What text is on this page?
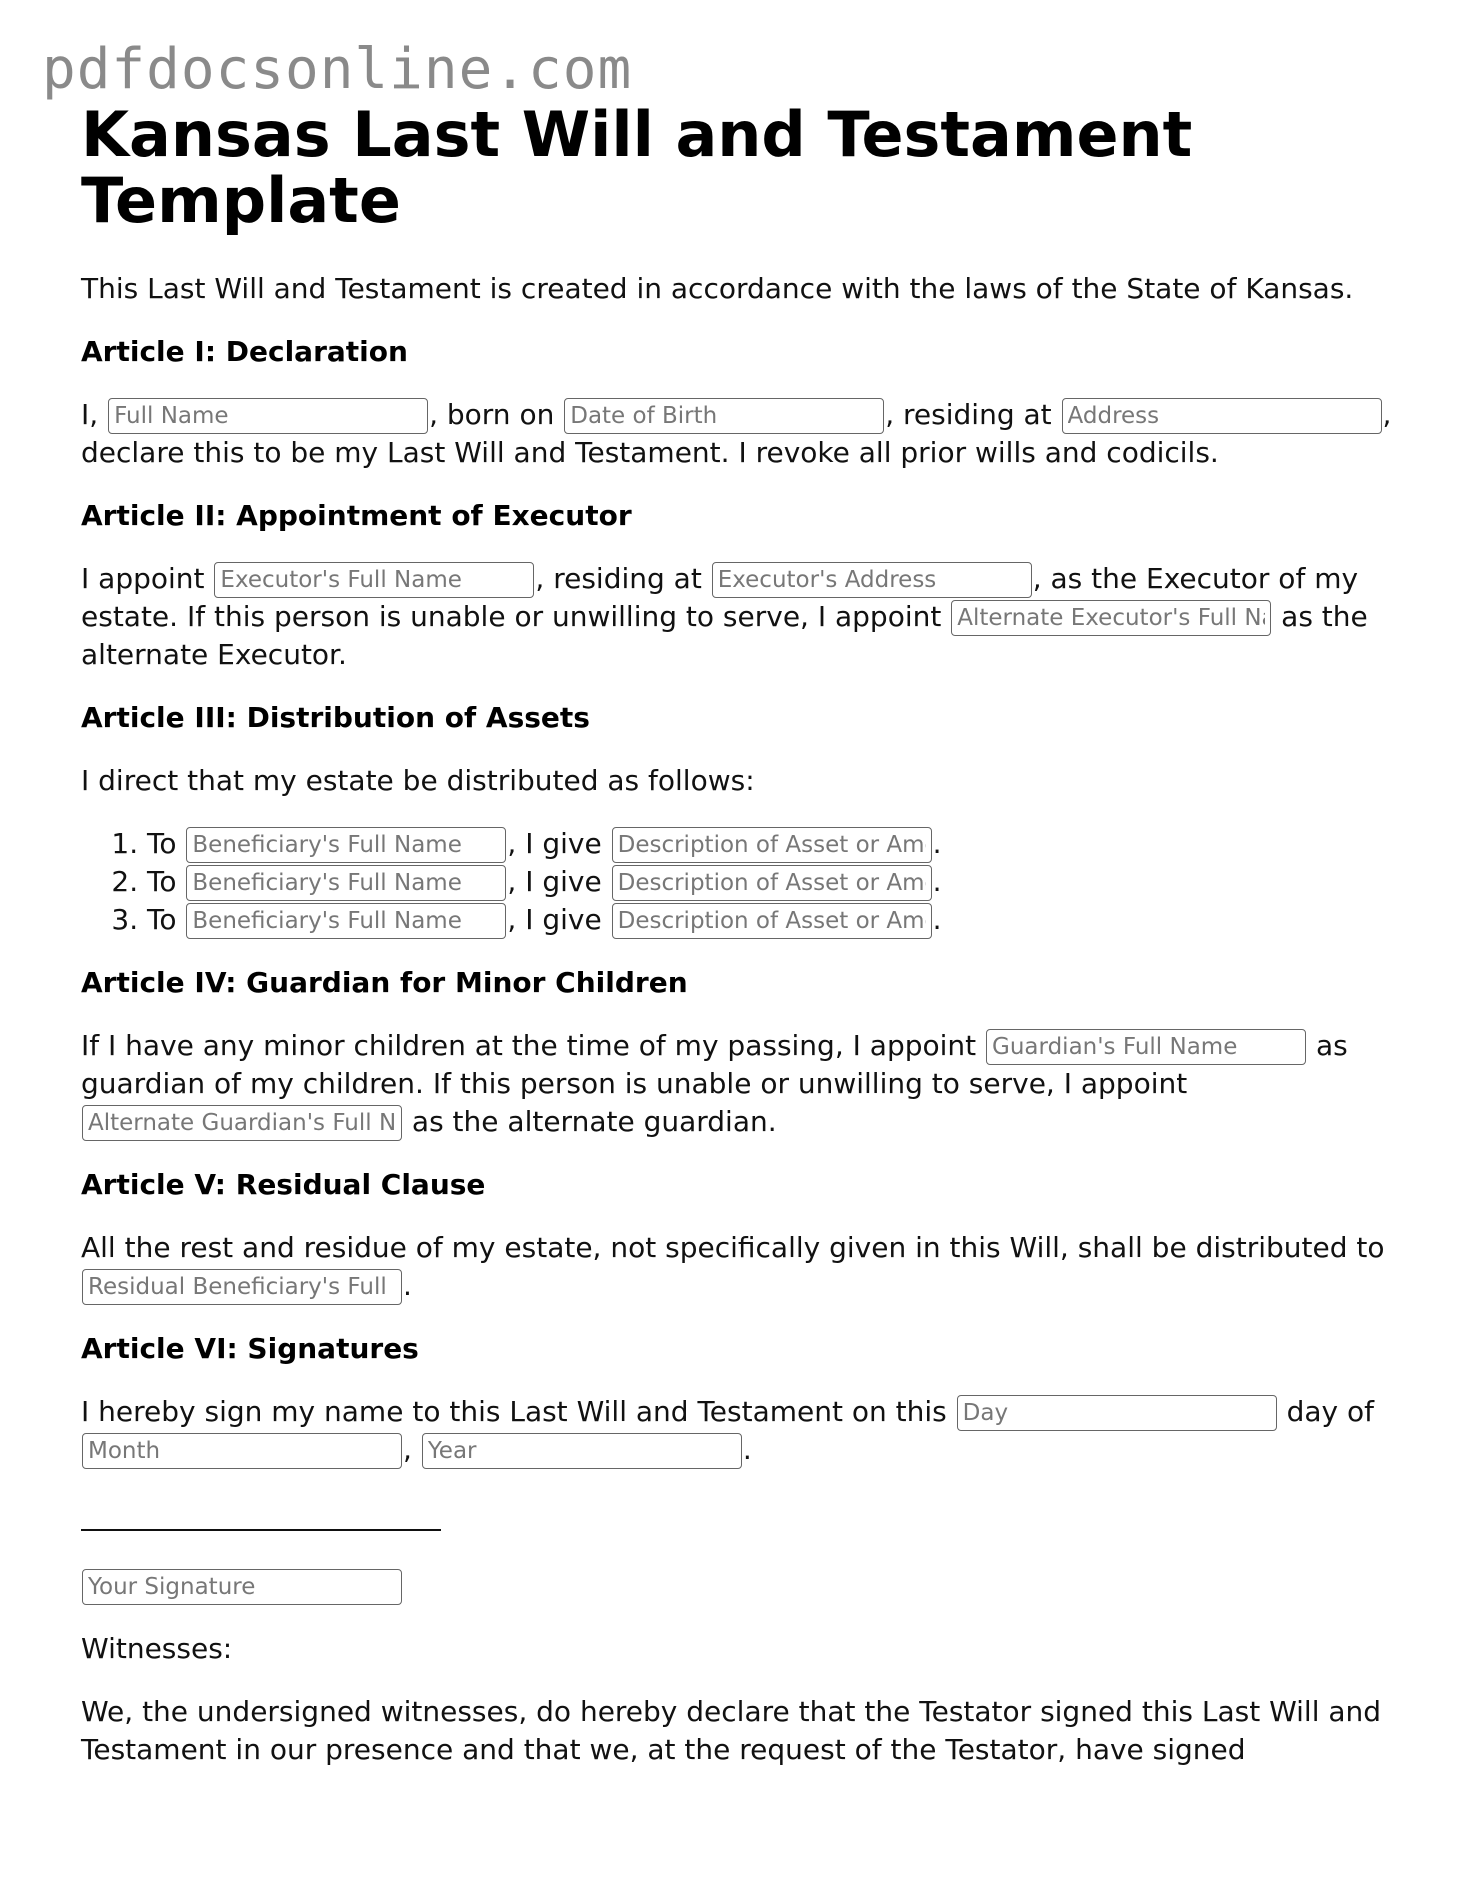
pdfdocsonline.com
Kansas Last Will and Testament Template

This Last Will and Testament is created in accordance with the laws of the State of Kansas.

Article I: Declaration

I, Full Name	, born on Date of Birth	, residing at Address	, declare this to be my Last Will and Testament. I revoke all prior wills and codicils.

Article II: Appointment of Executor

I appoint Executor's Full Name	, residing at Executor's Address	, as the Executor of my estate. If this person is unable or unwilling to serve, I appoint Alternate Executor's Full Name	as the alternate Executor.

Article III: Distribution of Assets

I direct that my estate be distributed as follows:

1. To Beneficiary's Full Name	, I give Description of Asset or Amount	.
2. To Beneficiary's Full Name	, I give Description of Asset or Amount	.
3. To Beneficiary's Full Name	, I give Description of Asset or Amount	.
Article IV: Guardian for Minor Children

If I have any minor children at the time of my passing, I appoint Guardian's Full Name	as guardian of my children. If this person is unable or unwilling to serve, I appoint Alternate Guardian's Full Name as the alternate guardian.

Article V: Residual Clause

All the rest and residue of my estate, not specifically given in this Will, shall be distributed to Residual Beneficiary's Full Name.

Article VI: Signatures

I hereby sign my name to this Last Will and Testament on this Day	day of Month, Year	.

Your Signature

Witnesses:

We, the undersigned witnesses, do hereby declare that the Testator signed this Last Will and Testament in our presence and that we, at the request of the Testator, have signed
